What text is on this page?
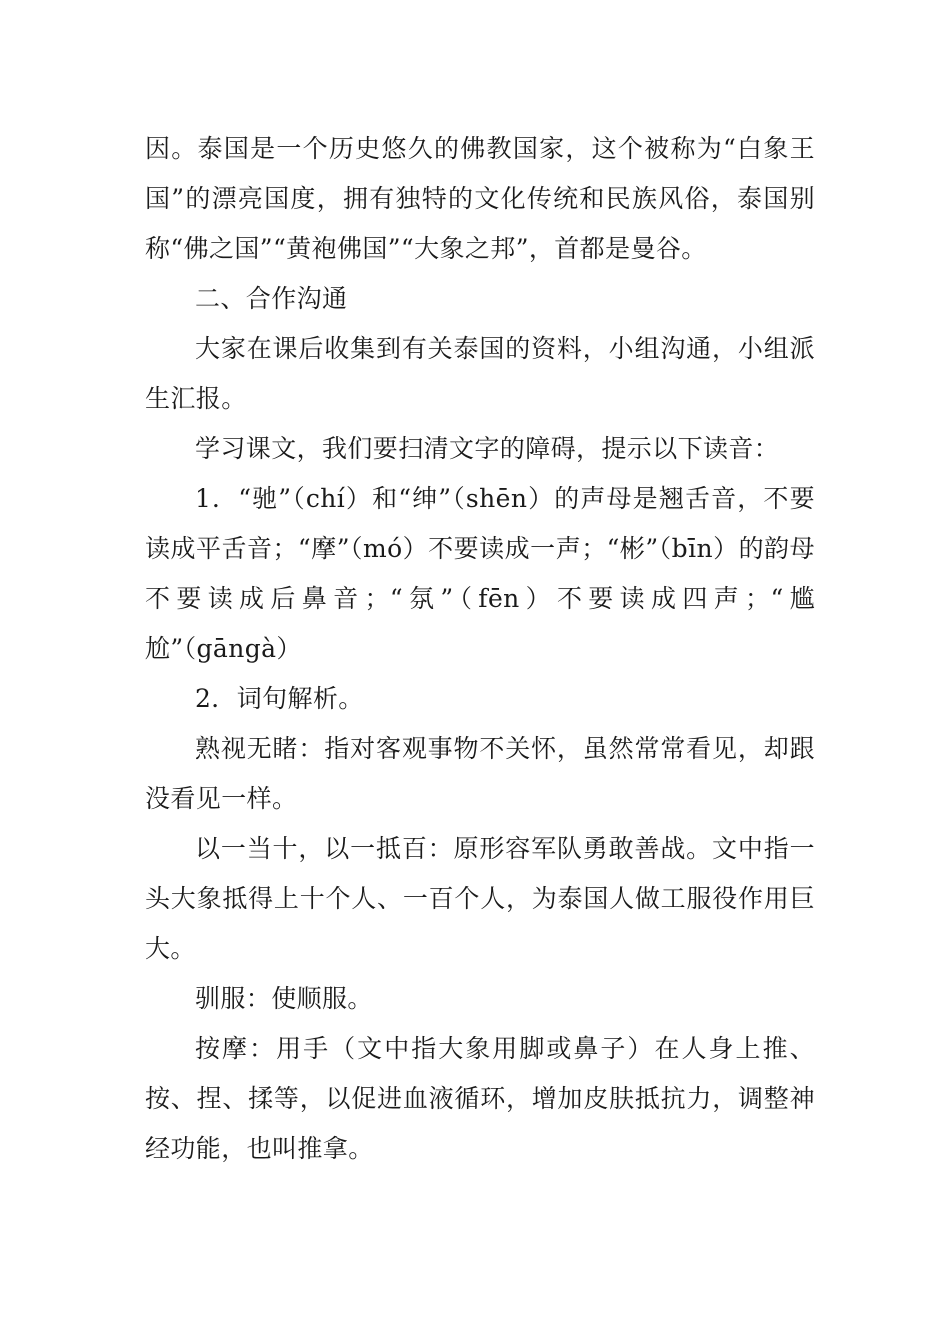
因。泰国是一个历史悠久的佛教国家，这个被称为“白象王国”的漂亮国度，拥有独特的文化传统和民族风俗，泰国别称“佛之国”“黄袍佛国”“大象之邦”，首都是曼谷。

二、合作沟通

大家在课后收集到有关泰国的资料，小组沟通，小组派生汇报。

学习课文，我们要扫清文字的障碍，提示以下读音：

1．“驰”（chí）和“绅”（shēn）的声母是翘舌音，不要读成平舌音；“摩”（mó）不要读成一声；“彬”（bīn）的韵母不要读成后鼻音；“氛”（fēn）不要读成四声；“尴尬”（gāngà）

2．词句解析。

熟视无睹：指对客观事物不关怀，虽然常常看见，却跟没看见一样。

以一当十，以一抵百：原形容军队勇敢善战。文中指一头大象抵得上十个人、一百个人，为泰国人做工服役作用巨大。

驯服：使顺服。

按摩：用手（文中指大象用脚或鼻子）在人身上推、按、捏、揉等，以促进血液循环，增加皮肤抵抗力，调整神经功能，也叫推拿。
